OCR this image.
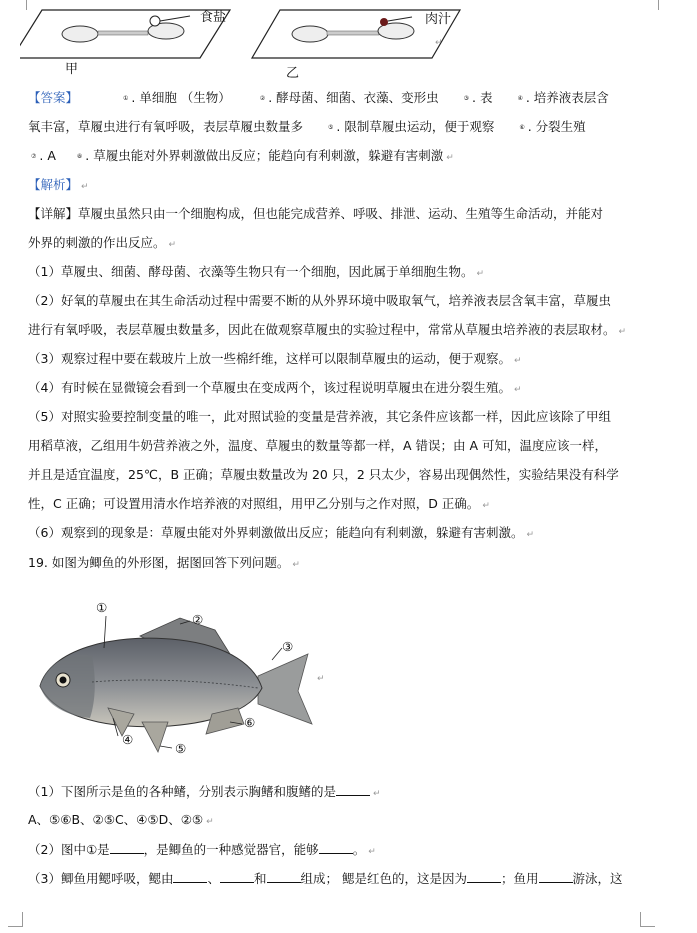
食盐	肉汁
甲	乙
↵
【答案】	① . 单细胞 （生物）	② . 酵母菌、细菌、衣藻、变形虫	③ . 表	④ . 培养液表层含
氧丰富，草履虫进行有氧呼吸，表层草履虫数量多	⑤ . 限制草履虫运动，便于观察	⑥ . 分裂生殖
⑦ . A	⑧ . 草履虫能对外界刺激做出反应；能趋向有利刺激，躲避有害刺激 ↵
【解析】 ↵
【详解】草履虫虽然只由一个细胞构成，但也能完成营养、呼吸、排泄、运动、生殖等生命活动，并能对
外界的刺激的作出反应。 ↵
（1）草履虫、细菌、酵母菌、衣藻等生物只有一个细胞，因此属于单细胞生物。 ↵
（2）好氧的草履虫在其生命活动过程中需要不断的从外界环境中吸取氧气，培养液表层含氧丰富，草履虫
进行有氧呼吸，表层草履虫数量多，因此在做观察草履虫的实验过程中，常常从草履虫培养液的表层取材。 ↵
（3）观察过程中要在载玻片上放一些棉纤维，这样可以限制草履虫的运动，便于观察。 ↵
（4）有时候在显微镜会看到一个草履虫在变成两个，该过程说明草履虫在进分裂生殖。 ↵
（5）对照实验要控制变量的唯一，此对照试验的变量是营养液，其它条件应该都一样，因此应该除了甲组
用稻草液，乙组用牛奶营养液之外，温度、草履虫的数量等都一样，A 错误；由 A 可知，温度应该一样，
并且是适宜温度，25℃，B 正确；草履虫数量改为 20 只，2 只太少，容易出现偶然性，实验结果没有科学
性，C 正确；可设置用清水作培养液的对照组，用甲乙分别与之作对照，D 正确。 ↵
（6）观察到的现象是：草履虫能对外界刺激做出反应；能趋向有利刺激，躲避有害刺激。 ↵
19. 如图为鲫鱼的外形图，据图回答下列问题。 ↵
①
②
③
④
⑤
⑥
↵
（1）下图所示是鱼的各种鳍，分别表示胸鳍和腹鳍的是	↵
A、⑤⑥B、②⑤C、④⑤D、②⑤ ↵
（2）图中①是	，是鲫鱼的一种感觉器官，能够	。 ↵
（3）鲫鱼用鳃呼吸，鳃由	、	和	组成； 鳃是红色的，这是因为	；鱼用	游泳，这
